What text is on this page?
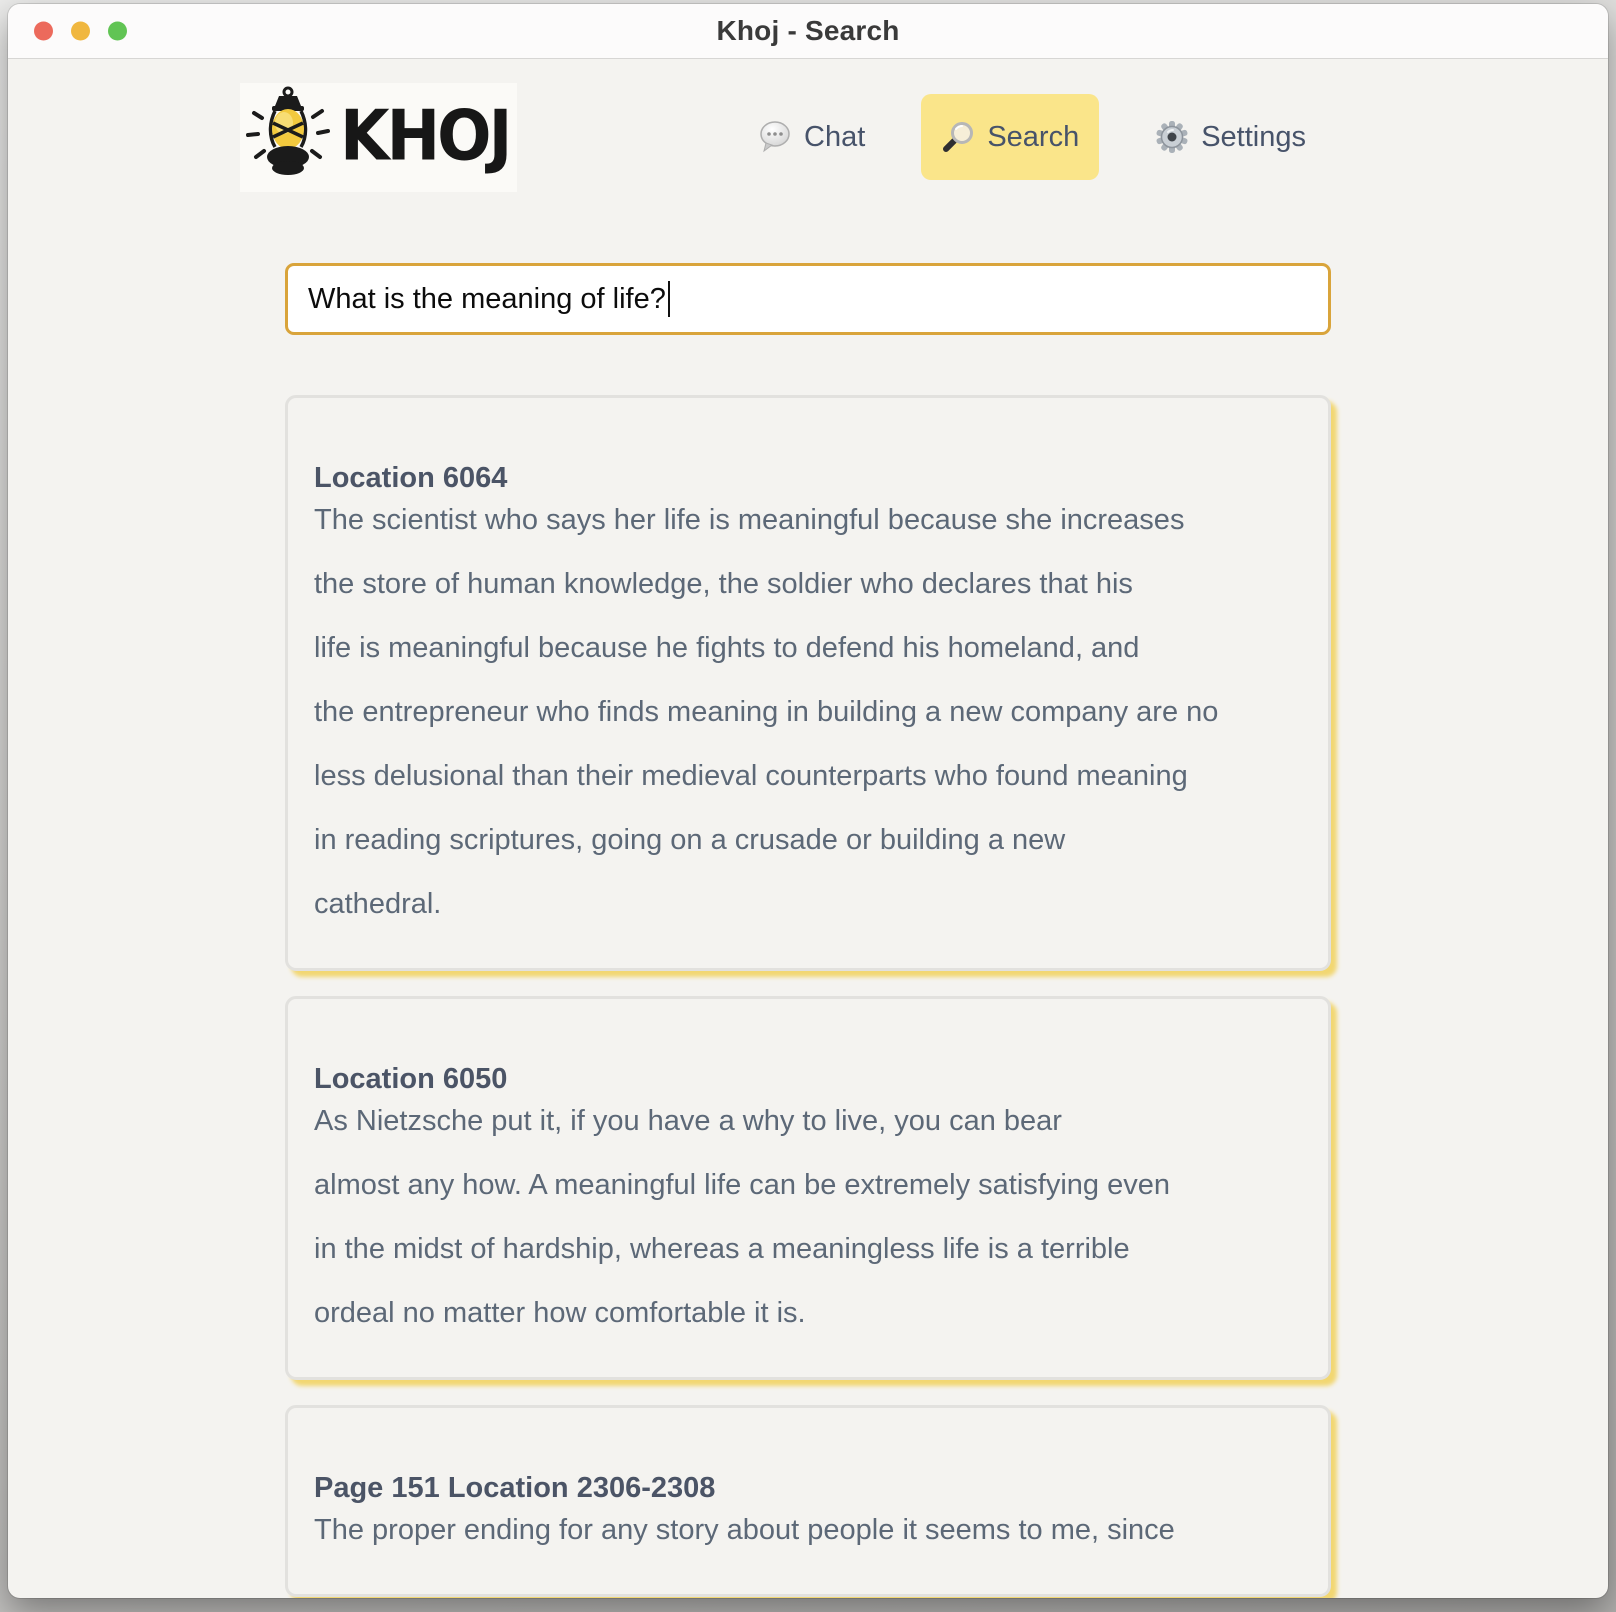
Khoj - Search
KHOJ	Chat	Search	Settings
What is the meaning of life?
Location 6064

The scientist who says her life is meaningful because she increases

the store of human knowledge, the soldier who declares that his

life is meaningful because he fights to defend his homeland, and

the entrepreneur who finds meaning in building a new company are no

less delusional than their medieval counterparts who found meaning

in reading scriptures, going on a crusade or building a new

cathedral.

Location 6050

As Nietzsche put it, if you have a why to live, you can bear

almost any how. A meaningful life can be extremely satisfying even

in the midst of hardship, whereas a meaningless life is a terrible

ordeal no matter how comfortable it is.

Page 151 Location 2306-2308

The proper ending for any story about people it seems to me, since
